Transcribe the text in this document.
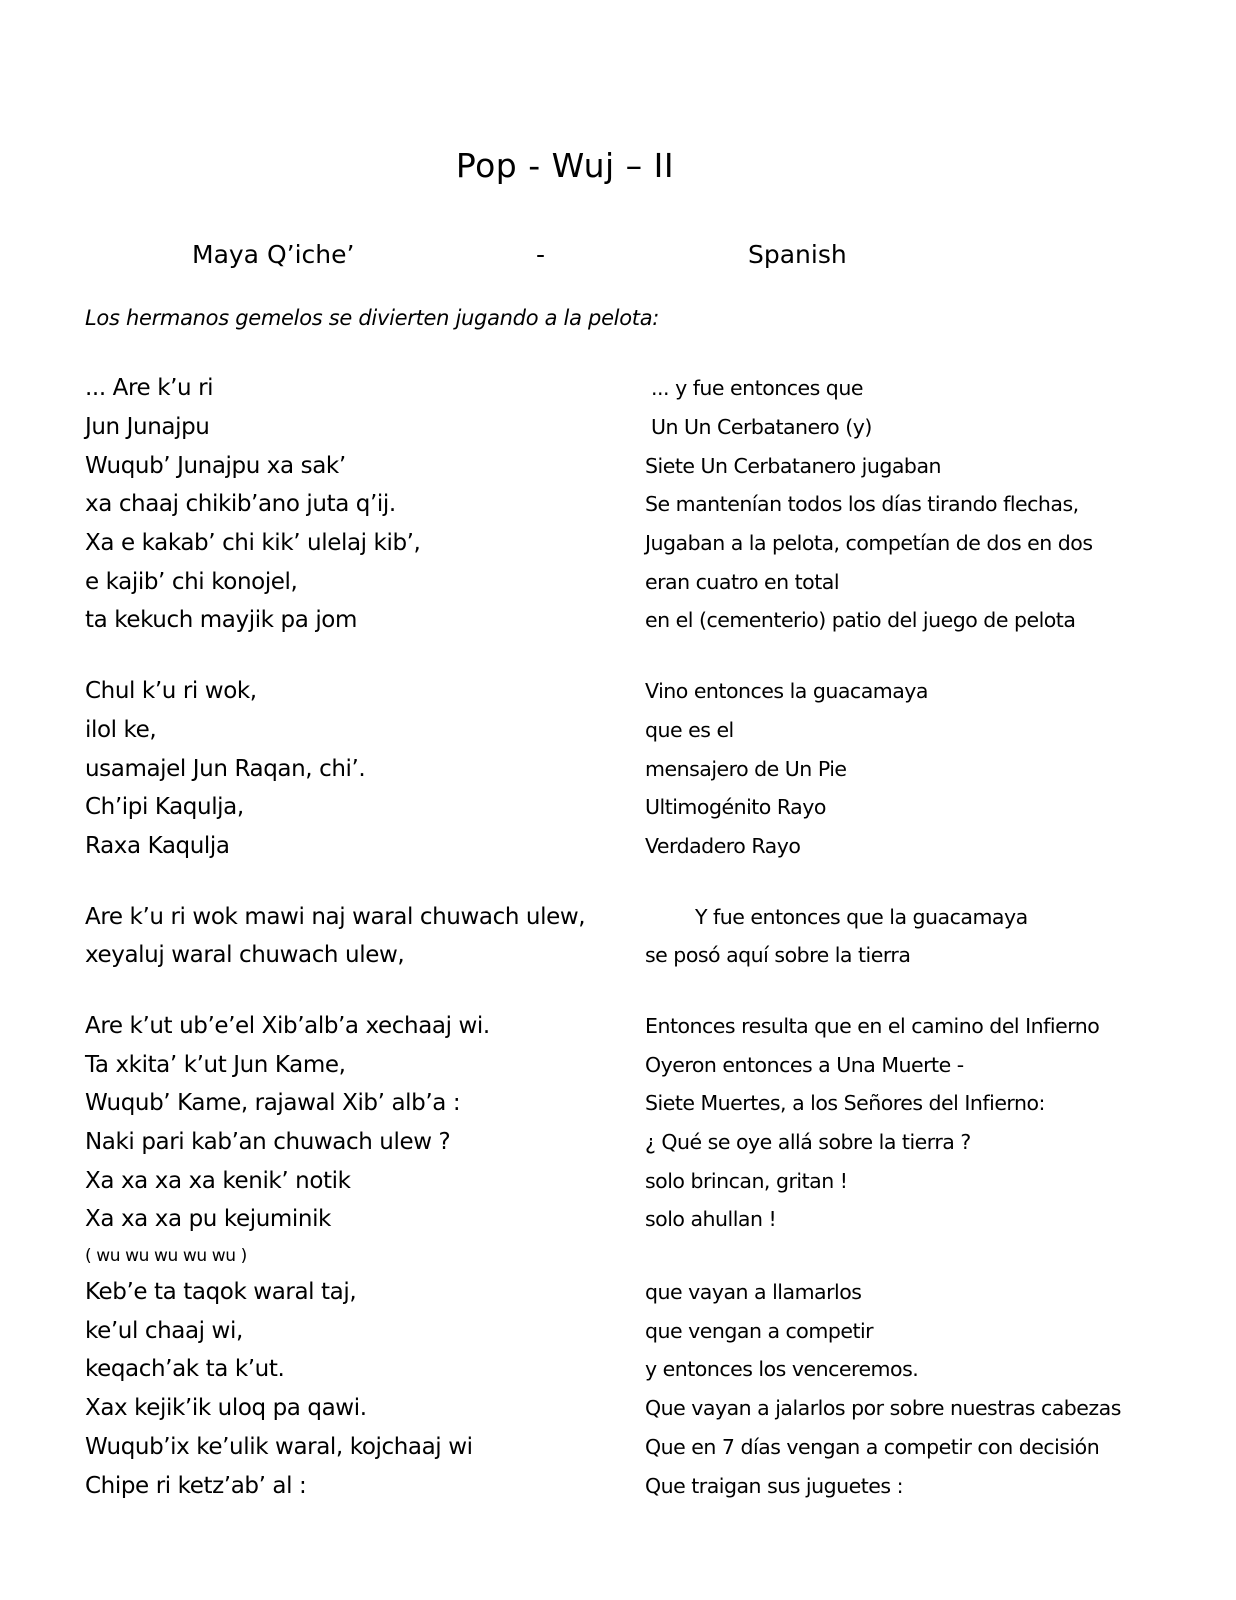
Pop - Wuj – II
Maya Q’iche’	-	Spanish
Los hermanos gemelos se divierten jugando a la pelota:
... Are k’u ri	... y fue entonces que
Jun Junajpu	Un Un Cerbatanero (y)
Wuqub’ Junajpu xa sak’	Siete Un Cerbatanero jugaban
xa chaaj chikib’ano juta q’ij.	Se mantenían todos los días tirando flechas,
Xa e kakab’ chi kik’ ulelaj kib’,	Jugaban a la pelota, competían de dos en dos
e kajib’ chi konojel,	eran cuatro en total
ta kekuch mayjik pa jom	en el (cementerio) patio del juego de pelota
Chul k’u ri wok,	Vino entonces la guacamaya
ilol ke,	que es el
usamajel Jun Raqan, chi’.	mensajero de Un Pie
Ch’ipi Kaqulja,	Ultimogénito Rayo
Raxa Kaqulja	Verdadero Rayo
Are k’u ri wok mawi naj waral chuwach ulew,	Y fue entonces que la guacamaya
xeyaluj waral chuwach ulew,	se posó aquí sobre la tierra
Are k’ut ub’e’el Xib’alb’a xechaaj wi.	Entonces resulta que en el camino del Infierno
Ta xkita’ k’ut Jun Kame,	Oyeron entonces a Una Muerte -
Wuqub’ Kame, rajawal Xib’ alb’a :	Siete Muertes, a los Señores del Infierno:
Naki pari kab’an chuwach ulew ?	¿ Qué se oye allá sobre la tierra ?
Xa xa xa xa kenik’ notik	solo brincan, gritan !
Xa xa xa pu kejuminik	solo ahullan !
( wu wu wu wu wu )
Keb’e ta taqok waral taj,	que vayan a llamarlos
ke’ul chaaj wi,	que vengan a competir
keqach’ak ta k’ut.	y entonces los venceremos.
Xax kejik’ik uloq pa qawi.	Que vayan a jalarlos por sobre nuestras cabezas
Wuqub’ix ke’ulik waral, kojchaaj wi	Que en 7 días vengan a competir con decisión
Chipe ri ketz’ab’ al :	Que traigan sus juguetes :
